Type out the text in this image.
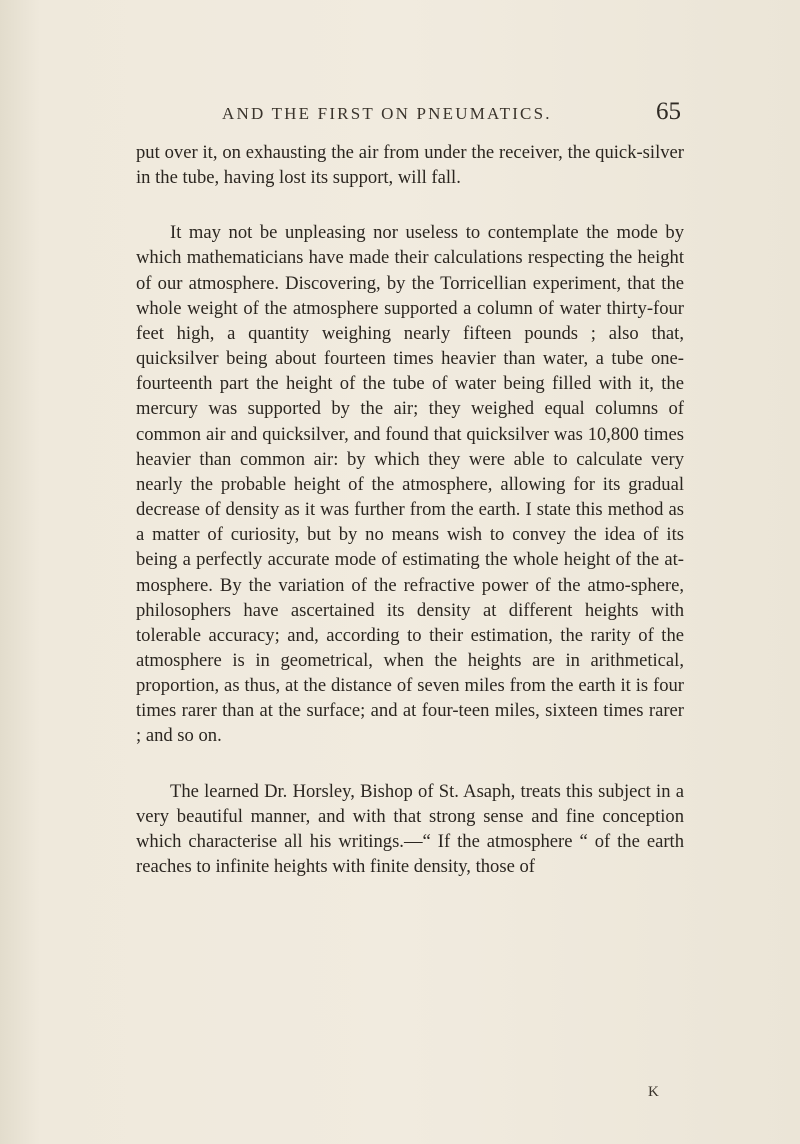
AND THE FIRST ON PNEUMATICS.	65

put over it, on exhausting the air from under the receiver, the quick-silver in the tube, having lost its support, will fall.

It may not be unpleasing nor useless to contemplate the mode by which mathematicians have made their calculations respecting the height of our atmosphere. Discovering, by the Torricellian experiment, that the whole weight of the atmosphere supported a column of water thirty-four feet high, a quantity weighing nearly fifteen pounds ; also that, quicksilver being about fourteen times heavier than water, a tube one-fourteenth part the height of the tube of water being filled with it, the mercury was supported by the air; they weighed equal columns of common air and quicksilver, and found that quicksilver was 10,800 times heavier than common air: by which they were able to calculate very nearly the probable height of the atmosphere, allowing for its gradual decrease of density as it was further from the earth. I state this method as a matter of curiosity, but by no means wish to convey the idea of its being a perfectly accurate mode of estimating the whole height of the at-mosphere. By the variation of the refractive power of the atmo-sphere, philosophers have ascertained its density at different heights with tolerable accuracy; and, according to their estimation, the rarity of the atmosphere is in geometrical, when the heights are in arithmetical, proportion, as thus, at the distance of seven miles from the earth it is four times rarer than at the surface; and at four-teen miles, sixteen times rarer ; and so on.

The learned Dr. Horsley, Bishop of St. Asaph, treats this subject in a very beautiful manner, and with that strong sense and fine conception which characterise all his writings.—“ If the atmosphere “ of the earth reaches to infinite heights with finite density, those of

K
